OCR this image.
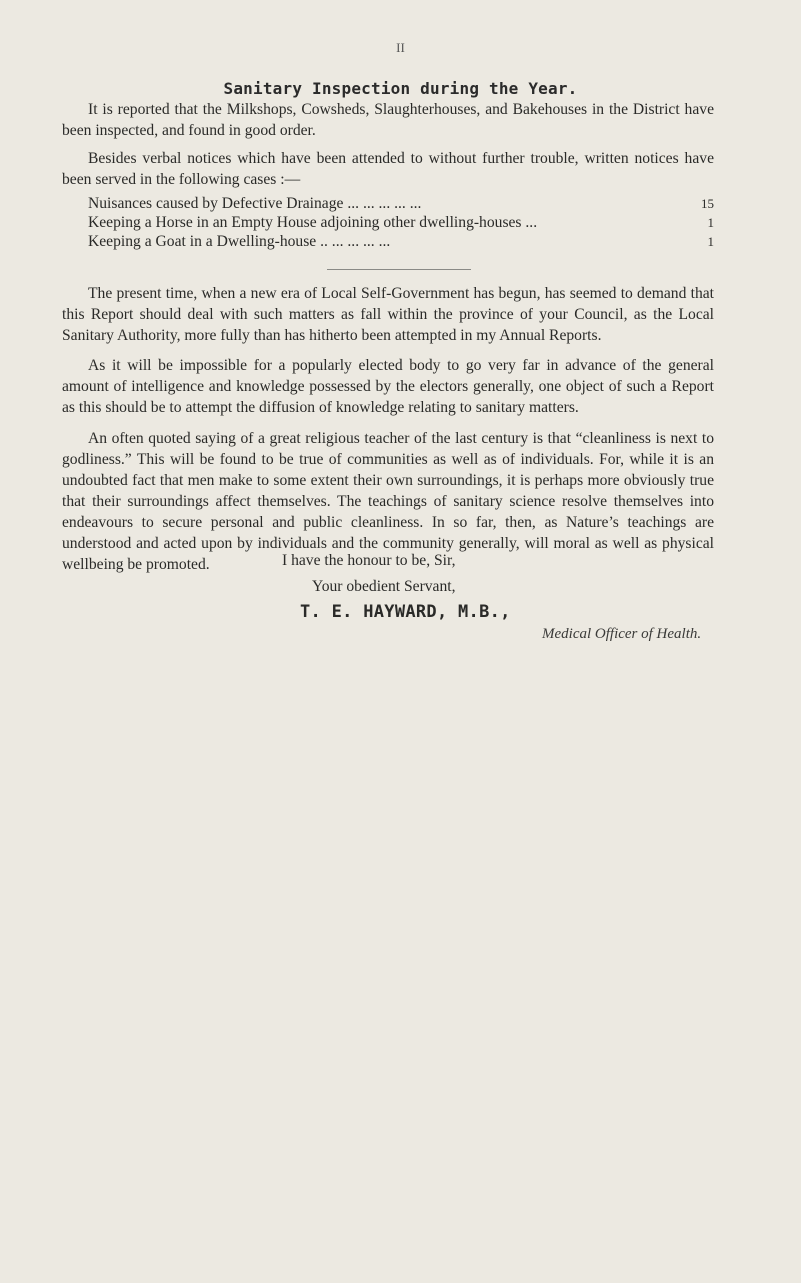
II
Sanitary Inspection during the Year.

It is reported that the Milkshops, Cowsheds, Slaughterhouses, and Bakehouses in the District have been inspected, and found in good order.

Besides verbal notices which have been attended to without further trouble, written notices have been served in the following cases :—

Nuisances caused by Defective Drainage ... ... ... ... ...	15
Keeping a Horse in an Empty House adjoining other dwelling-houses ...	1
Keeping a Goat in a Dwelling-house .. ... ... ... ...	1

The present time, when a new era of Local Self-Government has begun, has seemed to demand that this Report should deal with such matters as fall within the province of your Council, as the Local Sanitary Authority, more fully than has hitherto been attempted in my Annual Reports.

As it will be impossible for a popularly elected body to go very far in advance of the general amount of intelligence and knowledge possessed by the electors generally, one object of such a Report as this should be to attempt the diffusion of knowledge relating to sanitary matters.

An often quoted saying of a great religious teacher of the last century is that “cleanliness is next to godliness.” This will be found to be true of communities as well as of individuals. For, while it is an undoubted fact that men make to some extent their own surroundings, it is perhaps more obviously true that their surroundings affect themselves. The teachings of sanitary science resolve themselves into endeavours to secure personal and public cleanliness. In so far, then, as Nature’s teachings are understood and acted upon by individuals and the community generally, will moral as well as physical wellbeing be promoted.	I have the honour to be, Sir,
Your obedient Servant,
T. E. HAYWARD, M.B.,
Medical Officer of Health.
